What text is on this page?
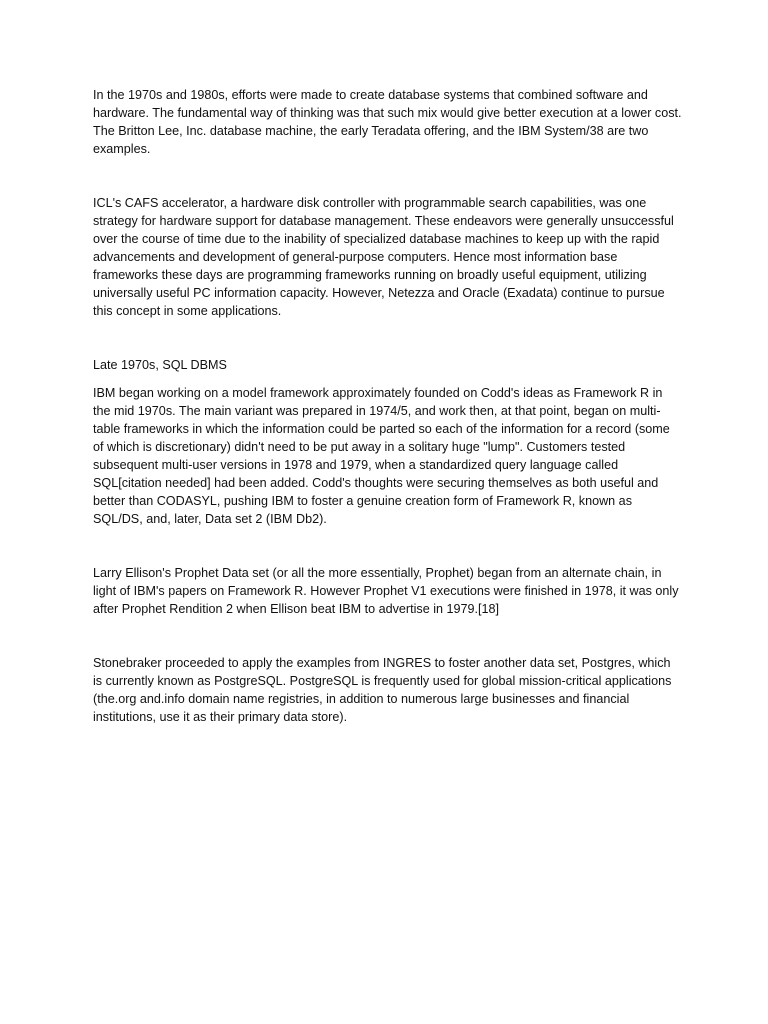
In the 1970s and 1980s, efforts were made to create database systems that combined software and hardware. The fundamental way of thinking was that such mix would give better execution at a lower cost. The Britton Lee, Inc. database machine, the early Teradata offering, and the IBM System/38 are two examples.

ICL's CAFS accelerator, a hardware disk controller with programmable search capabilities, was one strategy for hardware support for database management. These endeavors were generally unsuccessful over the course of time due to the inability of specialized database machines to keep up with the rapid advancements and development of general-purpose computers. Hence most information base frameworks these days are programming frameworks running on broadly useful equipment, utilizing universally useful PC information capacity. However, Netezza and Oracle (Exadata) continue to pursue this concept in some applications.

Late 1970s, SQL DBMS

IBM began working on a model framework approximately founded on Codd's ideas as Framework R in the mid 1970s. The main variant was prepared in 1974/5, and work then, at that point, began on multi-table frameworks in which the information could be parted so each of the information for a record (some of which is discretionary) didn't need to be put away in a solitary huge "lump". Customers tested subsequent multi-user versions in 1978 and 1979, when a standardized query language called SQL[citation needed] had been added. Codd's thoughts were securing themselves as both useful and better than CODASYL, pushing IBM to foster a genuine creation form of Framework R, known as SQL/DS, and, later, Data set 2 (IBM Db2).

Larry Ellison's Prophet Data set (or all the more essentially, Prophet) began from an alternate chain, in light of IBM's papers on Framework R. However Prophet V1 executions were finished in 1978, it was only after Prophet Rendition 2 when Ellison beat IBM to advertise in 1979.[18]

Stonebraker proceeded to apply the examples from INGRES to foster another data set, Postgres, which is currently known as PostgreSQL. PostgreSQL is frequently used for global mission-critical applications (the.org and.info domain name registries, in addition to numerous large businesses and financial institutions, use it as their primary data store).
